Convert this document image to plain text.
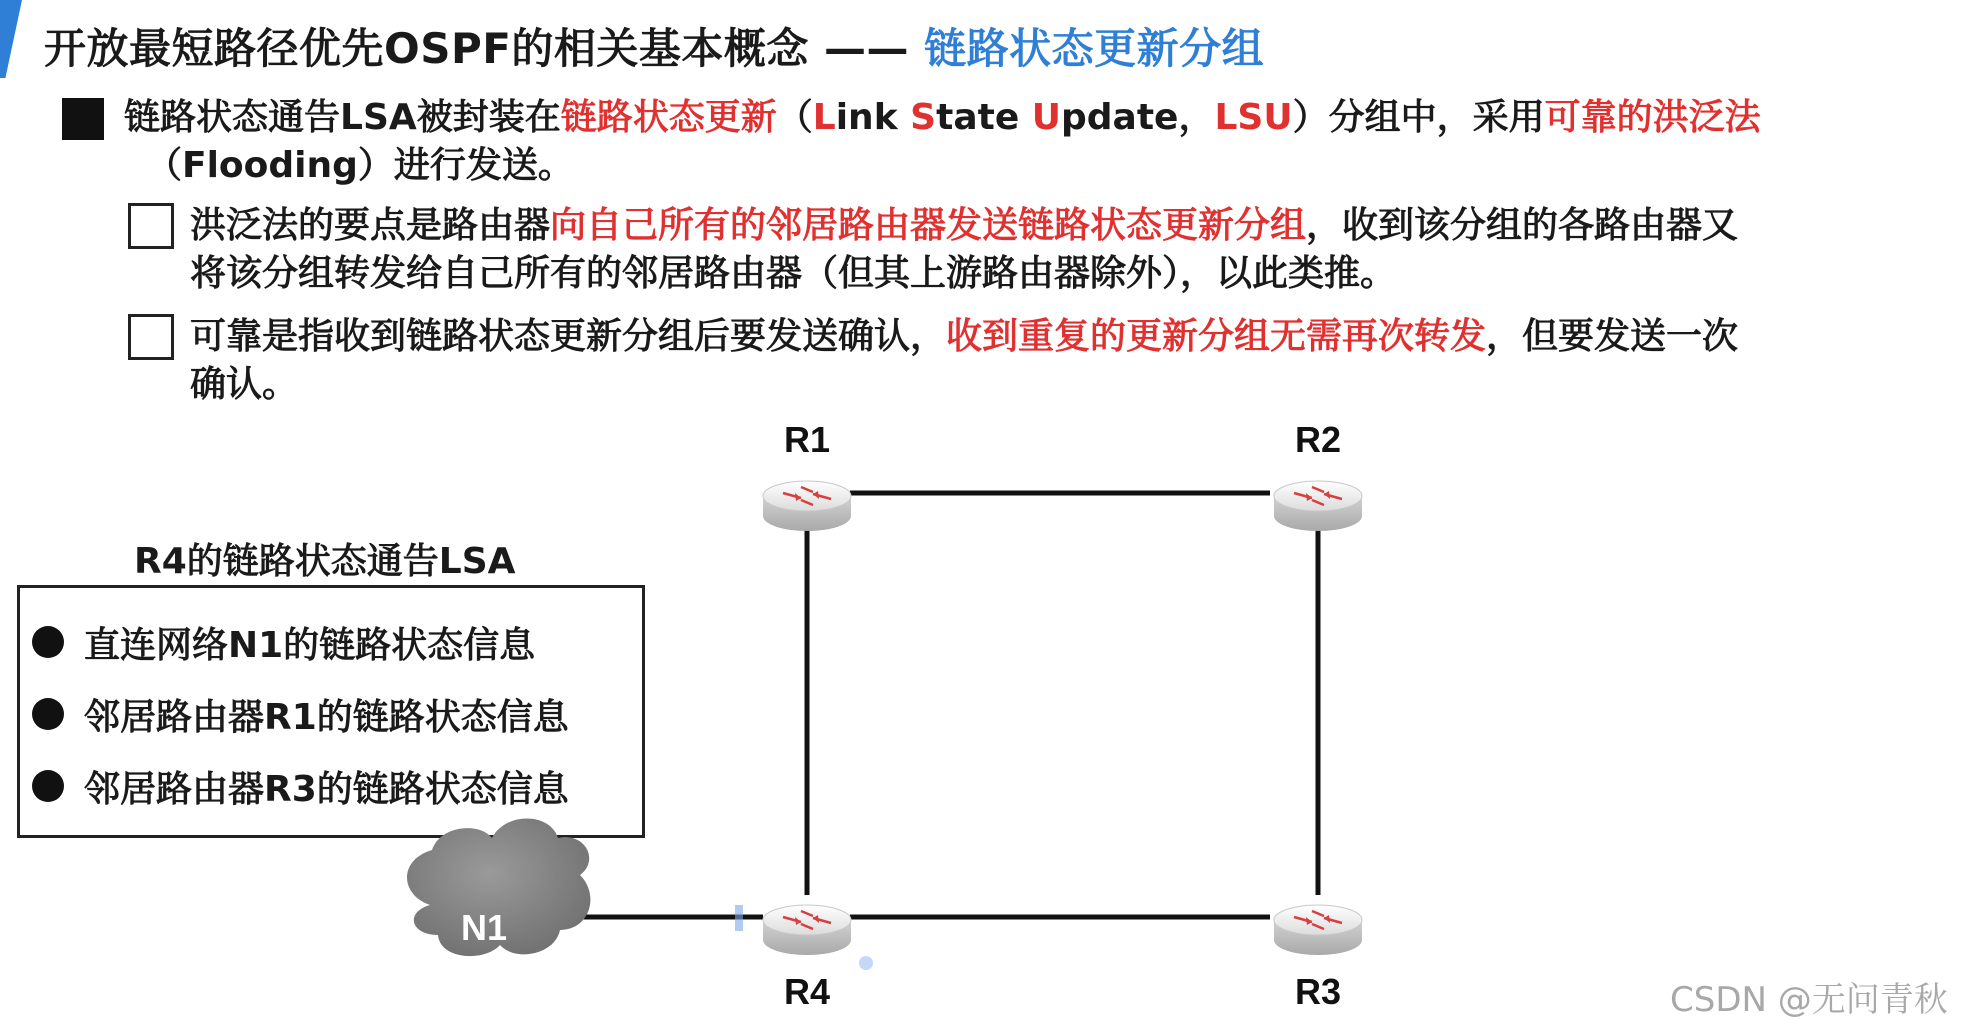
开放最短路径优先OSPF的相关基本概念 —— 链路状态更新分组
链路状态通告LSA被封装在链路状态更新（Link State Update，LSU）分组中，采用可靠的洪泛法
（Flooding）进行发送。
洪泛法的要点是路由器向自己所有的邻居路由器发送链路状态更新分组，收到该分组的各路由器又
将该分组转发给自己所有的邻居路由器（但其上游路由器除外），以此类推。
可靠是指收到链路状态更新分组后要发送确认，收到重复的更新分组无需再次转发，但要发送一次
确认。
R4的链路状态通告LSA
直连网络N1的链路状态信息
邻居路由器R1的链路状态信息
邻居路由器R3的链路状态信息
N1
R1	R2
R3
R4	CSDN @无问青秋
